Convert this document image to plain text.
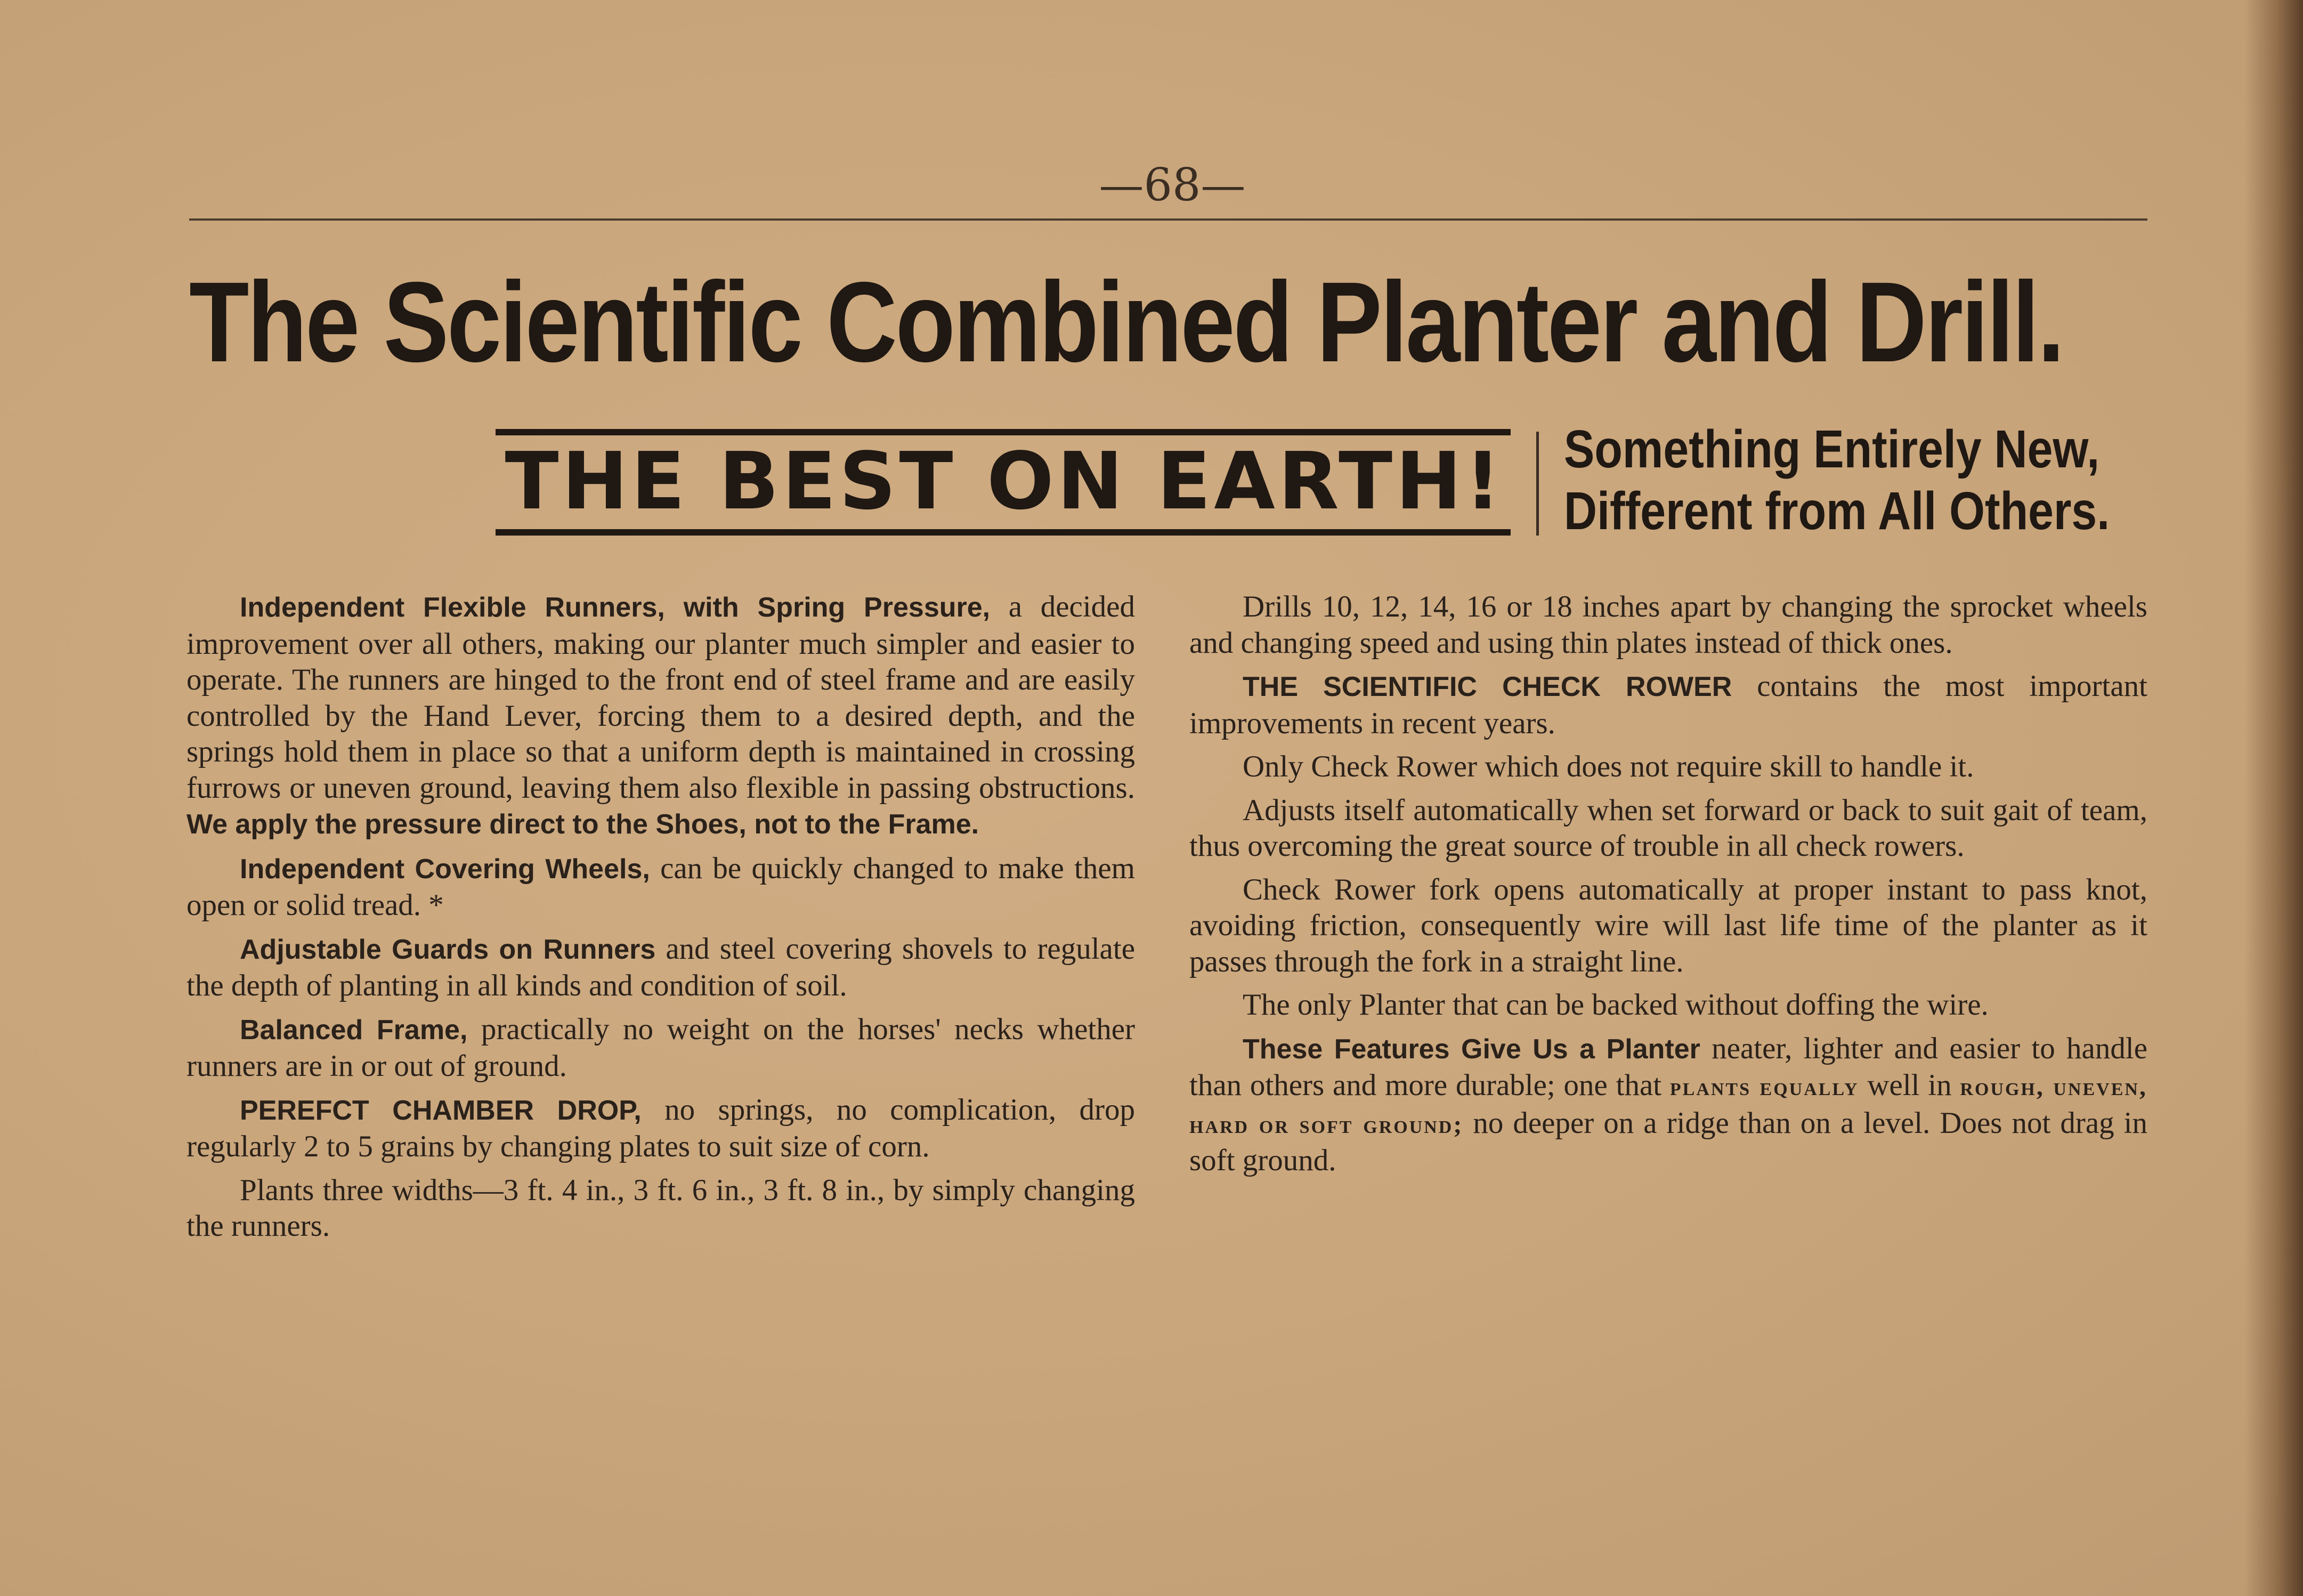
—68—
The Scientific Combined Planter and Drill.
THE BEST ON EARTH! Something Entirely New,
Different from All Others.

Independent Flexible Runners, with Spring Pressure, a decided improvement over all others, making our planter much simpler and easier to operate. The runners are hinged to the front end of steel frame and are easily controlled by the Hand Lever, forcing them to a desired depth, and the springs hold them in place so that a uniform depth is maintained in crossing furrows or uneven ground, leaving them also flexible in passing obstructions. We apply the pressure direct to the Shoes, not to the Frame.

Independent Covering Wheels, can be quickly changed to make them open or solid tread. *

Adjustable Guards on Runners and steel covering shovels to regulate the depth of planting in all kinds and condition of soil.

Balanced Frame, practically no weight on the horses' necks whether runners are in or out of ground.

PEREFCT CHAMBER DROP, no springs, no complication, drop regularly 2 to 5 grains by changing plates to suit size of corn.

Plants three widths—3 ft. 4 in., 3 ft. 6 in., 3 ft. 8 in., by simply changing the runners.

Drills 10, 12, 14, 16 or 18 inches apart by changing the sprocket wheels and changing speed and using thin plates instead of thick ones.

THE SCIENTIFIC CHECK ROWER contains the most important improvements in recent years.

Only Check Rower which does not require skill to handle it.

Adjusts itself automatically when set forward or back to suit gait of team, thus overcoming the great source of trouble in all check rowers.

Check Rower fork opens automatically at proper instant to pass knot, avoiding friction, consequently wire will last life time of the planter as it passes through the fork in a straight line.

The only Planter that can be backed without doffing the wire.

These Features Give Us a Planter neater, lighter and easier to handle than others and more durable; one that plants equally well in rough, uneven, hard or soft ground; no deeper on a ridge than on a level. Does not drag in soft ground.
